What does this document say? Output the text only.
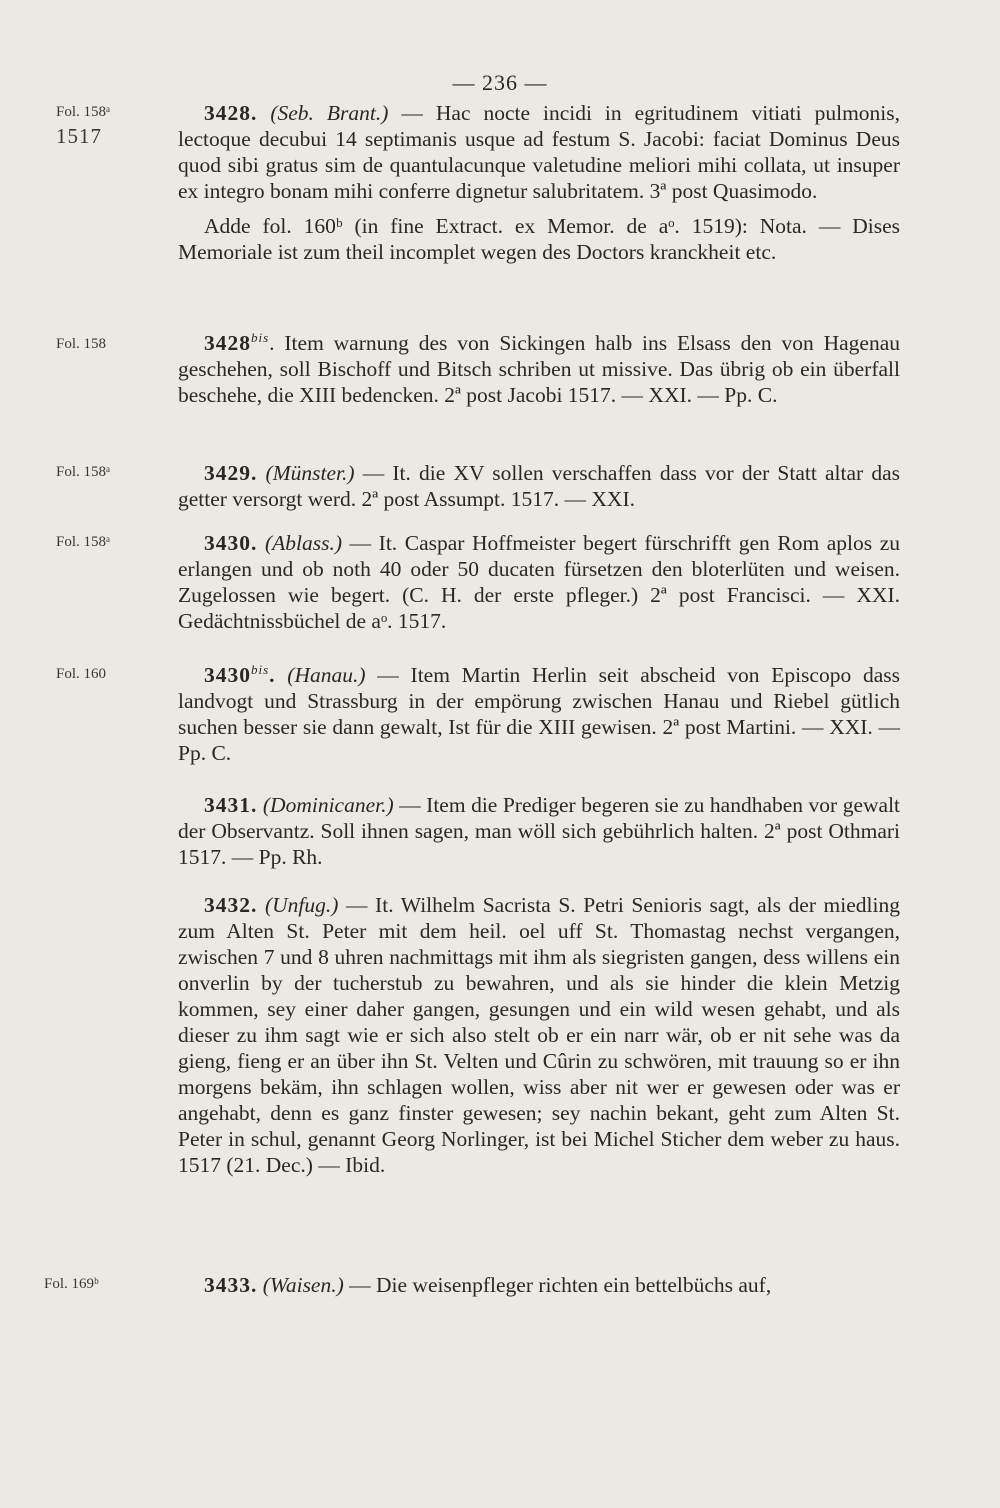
— 236 —
Fol. 158ᵃ
1517

3428. (Seb. Brant.) — Hac nocte incidi in egritudinem vitiati pulmonis, lectoque decubui 14 septimanis usque ad festum S. Jacobi: faciat Dominus Deus quod sibi gratus sim de quantulacunque valetudine meliori mihi collata, ut insuper ex integro bonam mihi conferre dignetur salubritatem. 3ª post Quasimodo.

Adde fol. 160ᵇ (in fine Extract. ex Memor. de aᵒ. 1519): Nota. — Dises Memoriale ist zum theil incomplet wegen des Doctors kranckheit etc.

Fol. 158	$3428^{bis}$. Item warnung des von Sickingen halb ins Elsass den von Hagenau geschehen, soll Bischoff und Bitsch schriben ut missive. Das übrig ob ein überfall beschehe, die XIII bedencken. 2ª post Jacobi 1517. — XXI. — Pp. C.

Fol. 158ᵃ	3429. (Münster.) — It. die XV sollen verschaffen dass vor der Statt altar das getter versorgt werd. 2ª post Assumpt. 1517. — XXI.

Fol. 158ᵃ	3430. (Ablass.) — It. Caspar Hoffmeister begert fürschrifft gen Rom aplos zu erlangen und ob noth 40 oder 50 ducaten fürsetzen den bloterlüten und weisen. Zugelossen wie begert. (C. H. der erste pfleger.) 2ª post Francisci. — XXI. Gedächtnissbüchel de aᵒ. 1517.

Fol. 160	$3430^{bis}$. (Hanau.) — Item Martin Herlin seit abscheid von Episcopo dass landvogt und Strassburg in der empörung zwischen Hanau und Riebel gütlich suchen besser sie dann gewalt, Ist für die XIII gewisen. 2ª post Martini. — XXI. — Pp. C.

3431. (Dominicaner.) — Item die Prediger begeren sie zu handhaben vor gewalt der Observantz. Soll ihnen sagen, man wöll sich gebührlich halten. 2ª post Othmari 1517. — Pp. Rh.

3432. (Unfug.) — It. Wilhelm Sacrista S. Petri Senioris sagt, als der miedling zum Alten St. Peter mit dem heil. oel uff St. Thomastag nechst vergangen, zwischen 7 und 8 uhren nachmittags mit ihm als siegristen gangen, dess willens ein onverlin by der tucherstub zu bewahren, und als sie hinder die klein Metzig kommen, sey einer daher gangen, gesungen und ein wild wesen gehabt, und als dieser zu ihm sagt wie er sich also stelt ob er ein narr wär, ob er nit sehe was da gieng, fieng er an über ihn St. Velten und Cûrin zu schwören, mit trauung so er ihn morgens bekäm, ihn schlagen wollen, wiss aber nit wer er gewesen oder was er angehabt, denn es ganz finster gewesen; sey nachin bekant, geht zum Alten St. Peter in schul, genannt Georg Norlinger, ist bei Michel Sticher dem weber zu haus. 1517 (21. Dec.) — Ibid.

Fol. 169ᵇ	3433. (Waisen.) — Die weisenpfleger richten ein bettelbüchs auf,
